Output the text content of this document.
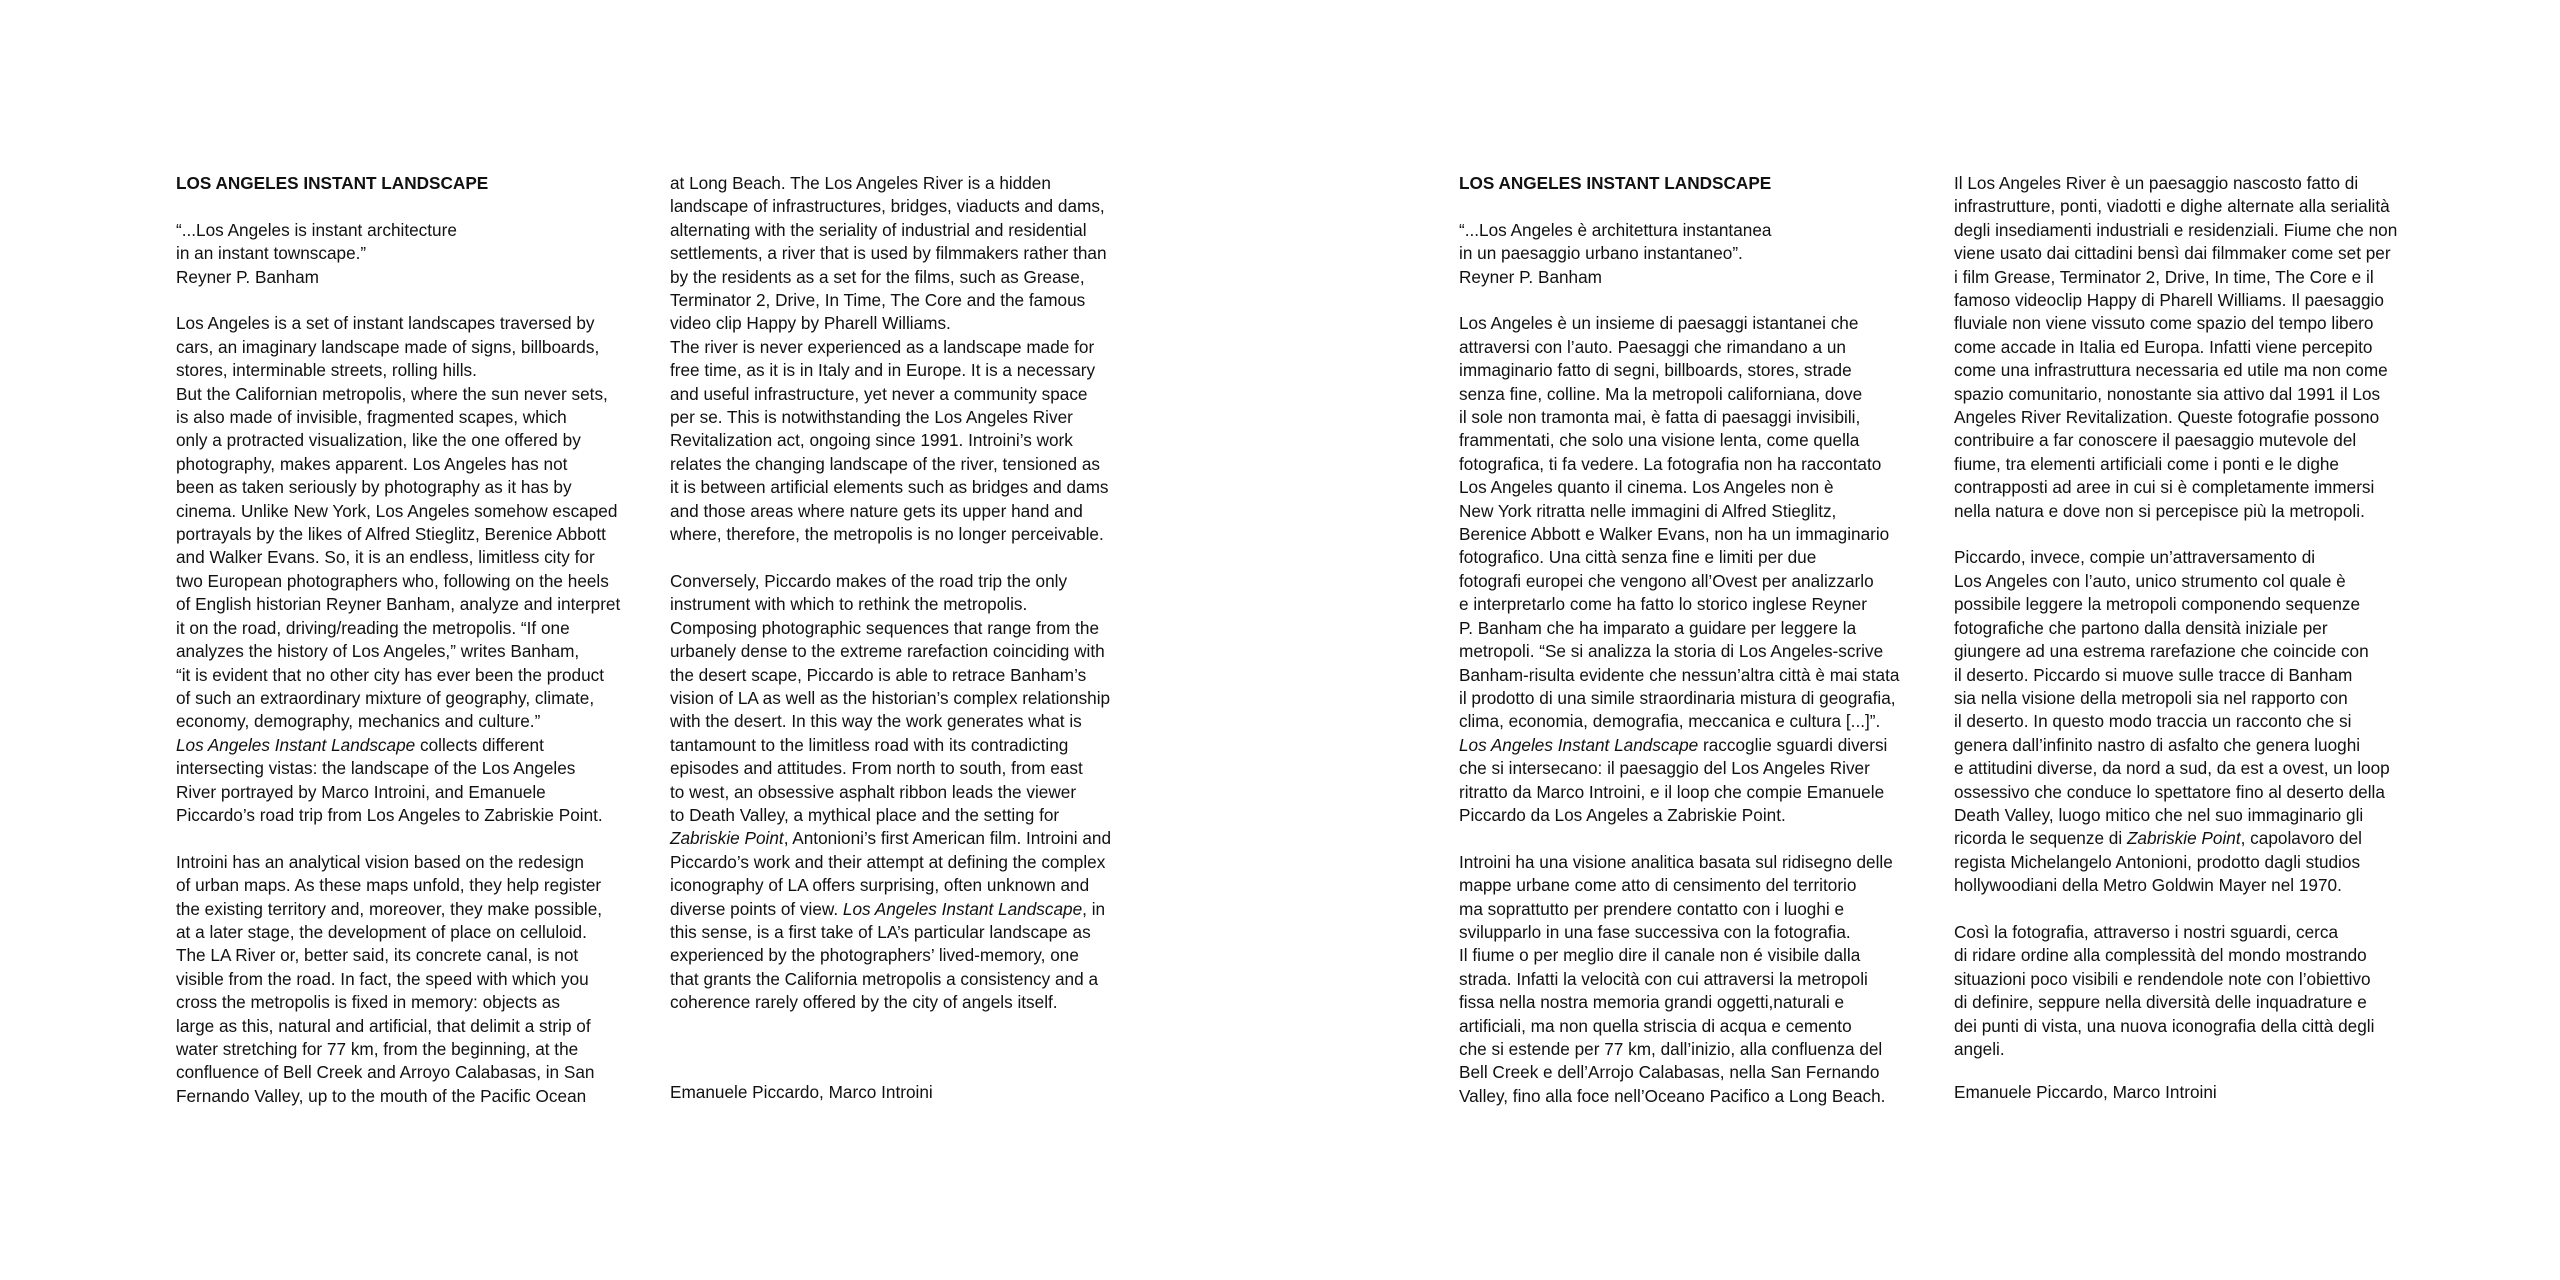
LOS ANGELES INSTANT LANDSCAPE

“...Los Angeles is instant architecture
in an instant townscape.”
Reyner P. Banham

Los Angeles is a set of instant landscapes traversed by
cars, an imaginary landscape made of signs, billboards,
stores, interminable streets, rolling hills.
But the Californian metropolis, where the sun never sets,
is also made of invisible, fragmented scapes, which
only a protracted visualization, like the one offered by
photography, makes apparent. Los Angeles has not
been as taken seriously by photography as it has by
cinema. Unlike New York, Los Angeles somehow escaped
portrayals by the likes of Alfred Stieglitz, Berenice Abbott
and Walker Evans. So, it is an endless, limitless city for
two European photographers who, following on the heels
of English historian Reyner Banham, analyze and interpret
it on the road, driving/reading the metropolis. “If one
analyzes the history of Los Angeles,” writes Banham,
“it is evident that no other city has ever been the product
of such an extraordinary mixture of geography, climate,
economy, demography, mechanics and culture.”
Los Angeles Instant Landscape collects different
intersecting vistas: the landscape of the Los Angeles
River portrayed by Marco Introini, and Emanuele
Piccardo’s road trip from Los Angeles to Zabriskie Point.

Introini has an analytical vision based on the redesign
of urban maps. As these maps unfold, they help register
the existing territory and, moreover, they make possible,
at a later stage, the development of place on celluloid.
The LA River or, better said, its concrete canal, is not
visible from the road. In fact, the speed with which you
cross the metropolis is fixed in memory: objects as
large as this, natural and artificial, that delimit a strip of
water stretching for 77 km, from the beginning, at the
confluence of Bell Creek and Arroyo Calabasas, in San
Fernando Valley, up to the mouth of the Pacific Ocean

at Long Beach. The Los Angeles River is a hidden
landscape of infrastructures, bridges, viaducts and dams,
alternating with the seriality of industrial and residential
settlements, a river that is used by filmmakers rather than
by the residents as a set for the films, such as Grease,
Terminator 2, Drive, In Time, The Core and the famous
video clip Happy by Pharell Williams.
The river is never experienced as a landscape made for
free time, as it is in Italy and in Europe. It is a necessary
and useful infrastructure, yet never a community space
per se. This is notwithstanding the Los Angeles River
Revitalization act, ongoing since 1991. Introini’s work
relates the changing landscape of the river, tensioned as
it is between artificial elements such as bridges and dams
and those areas where nature gets its upper hand and
where, therefore, the metropolis is no longer perceivable.

Conversely, Piccardo makes of the road trip the only
instrument with which to rethink the metropolis.
Composing photographic sequences that range from the
urbanely dense to the extreme rarefaction coinciding with
the desert scape, Piccardo is able to retrace Banham’s
vision of LA as well as the historian’s complex relationship
with the desert. In this way the work generates what is
tantamount to the limitless road with its contradicting
episodes and attitudes. From north to south, from east
to west, an obsessive asphalt ribbon leads the viewer
to Death Valley, a mythical place and the setting for
Zabriskie Point, Antonioni’s first American film. Introini and
Piccardo’s work and their attempt at defining the complex
iconography of LA offers surprising, often unknown and
diverse points of view. Los Angeles Instant Landscape, in
this sense, is a first take of LA’s particular landscape as
experienced by the photographers’ lived-memory, one
that grants the California metropolis a consistency and a
coherence rarely offered by the city of angels itself.

Emanuele Piccardo, Marco Introini

LOS ANGELES INSTANT LANDSCAPE

“...Los Angeles è architettura instantanea
in un paesaggio urbano instantaneo”.
Reyner P. Banham

Los Angeles è un insieme di paesaggi istantanei che
attraversi con l’auto. Paesaggi che rimandano a un
immaginario fatto di segni, billboards, stores, strade
senza fine, colline. Ma la metropoli californiana, dove
il sole non tramonta mai, è fatta di paesaggi invisibili,
frammentati, che solo una visione lenta, come quella
fotografica, ti fa vedere. La fotografia non ha raccontato
Los Angeles quanto il cinema. Los Angeles non è
New York ritratta nelle immagini di Alfred Stieglitz,
Berenice Abbott e Walker Evans, non ha un immaginario
fotografico. Una città senza fine e limiti per due
fotografi europei che vengono all’Ovest per analizzarlo
e interpretarlo come ha fatto lo storico inglese Reyner
P. Banham che ha imparato a guidare per leggere la
metropoli. “Se si analizza la storia di Los Angeles-scrive
Banham-risulta evidente che nessun’altra città è mai stata
il prodotto di una simile straordinaria mistura di geografia,
clima, economia, demografia, meccanica e cultura [...]”.
Los Angeles Instant Landscape raccoglie sguardi diversi
che si intersecano: il paesaggio del Los Angeles River
ritratto da Marco Introini, e il loop che compie Emanuele
Piccardo da Los Angeles a Zabriskie Point.

Introini ha una visione analitica basata sul ridisegno delle
mappe urbane come atto di censimento del territorio
ma soprattutto per prendere contatto con i luoghi e
svilupparlo in una fase successiva con la fotografia.
Il fiume o per meglio dire il canale non é visibile dalla
strada. Infatti la velocità con cui attraversi la metropoli
fissa nella nostra memoria grandi oggetti,naturali e
artificiali, ma non quella striscia di acqua e cemento
che si estende per 77 km, dall’inizio, alla confluenza del
Bell Creek e dell’Arrojo Calabasas, nella San Fernando
Valley, fino alla foce nell’Oceano Pacifico a Long Beach.

Il Los Angeles River è un paesaggio nascosto fatto di
infrastrutture, ponti, viadotti e dighe alternate alla serialità
degli insediamenti industriali e residenziali. Fiume che non
viene usato dai cittadini bensì dai filmmaker come set per
i film Grease, Terminator 2, Drive, In time, The Core e il
famoso videoclip Happy di Pharell Williams. Il paesaggio
fluviale non viene vissuto come spazio del tempo libero
come accade in Italia ed Europa. Infatti viene percepito
come una infrastruttura necessaria ed utile ma non come
spazio comunitario, nonostante sia attivo dal 1991 il Los
Angeles River Revitalization. Queste fotografie possono
contribuire a far conoscere il paesaggio mutevole del
fiume, tra elementi artificiali come i ponti e le dighe
contrapposti ad aree in cui si è completamente immersi
nella natura e dove non si percepisce più la metropoli.

Piccardo, invece, compie un’attraversamento di
Los Angeles con l’auto, unico strumento col quale è
possibile leggere la metropoli componendo sequenze
fotografiche che partono dalla densità iniziale per
giungere ad una estrema rarefazione che coincide con
il deserto. Piccardo si muove sulle tracce di Banham
sia nella visione della metropoli sia nel rapporto con
il deserto. In questo modo traccia un racconto che si
genera dall’infinito nastro di asfalto che genera luoghi
e attitudini diverse, da nord a sud, da est a ovest, un loop
ossessivo che conduce lo spettatore fino al deserto della
Death Valley, luogo mitico che nel suo immaginario gli
ricorda le sequenze di Zabriskie Point, capolavoro del
regista Michelangelo Antonioni, prodotto dagli studios
hollywoodiani della Metro Goldwin Mayer nel 1970.

Così la fotografia, attraverso i nostri sguardi, cerca
di ridare ordine alla complessità del mondo mostrando
situazioni poco visibili e rendendole note con l’obiettivo
di definire, seppure nella diversità delle inquadrature e
dei punti di vista, una nuova iconografia della città degli
angeli.

Emanuele Piccardo, Marco Introini
